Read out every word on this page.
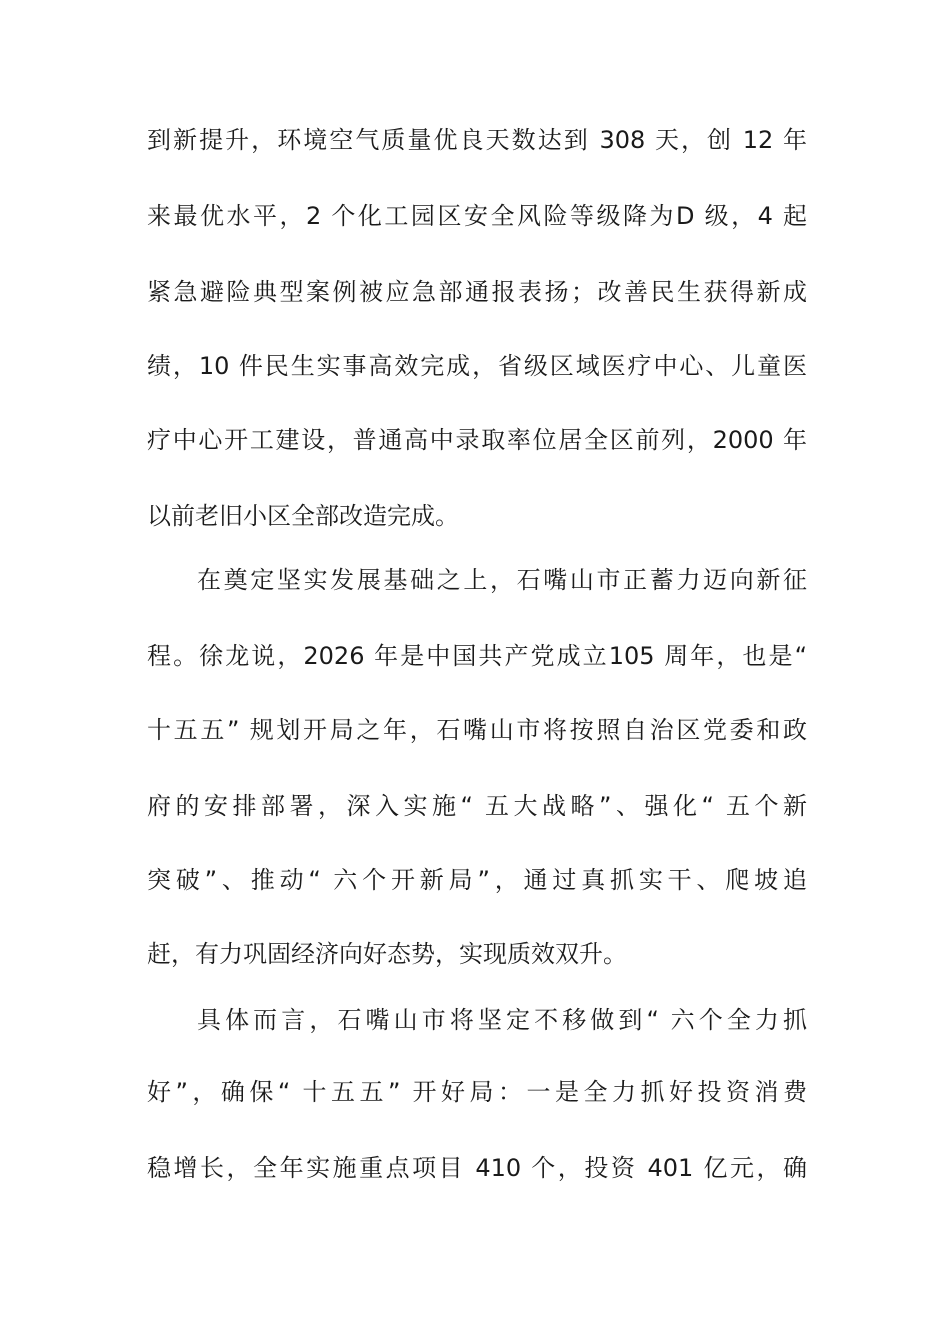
到新提升，环境空气质量优良天数达到 308 天，创 12 年
来最优水平，2 个化工园区安全风险等级降为D 级，4 起
紧急避险典型案例被应急部通报表扬；改善民生获得新成
绩，10 件民生实事高效完成，省级区域医疗中心、儿童医
疗中心开工建设，普通高中录取率位居全区前列，2000 年
以前老旧小区全部改造完成。
在奠定坚实发展基础之上，石嘴山市正蓄力迈向新征
程。徐龙说，2026 年是中国共产党成立105 周年，也是“
十五五” 规划开局之年，石嘴山市将按照自治区党委和政
府的安排部署，深入实施“ 五大战略”、强化“ 五个新
突破”、推动“ 六个开新局”，通过真抓实干、爬坡追
赶，有力巩固经济向好态势，实现质效双升。
具体而言，石嘴山市将坚定不移做到“ 六个全力抓
好”，确保“ 十五五” 开好局：一是全力抓好投资消费
稳增长，全年实施重点项目 410 个，投资 401 亿元，确
